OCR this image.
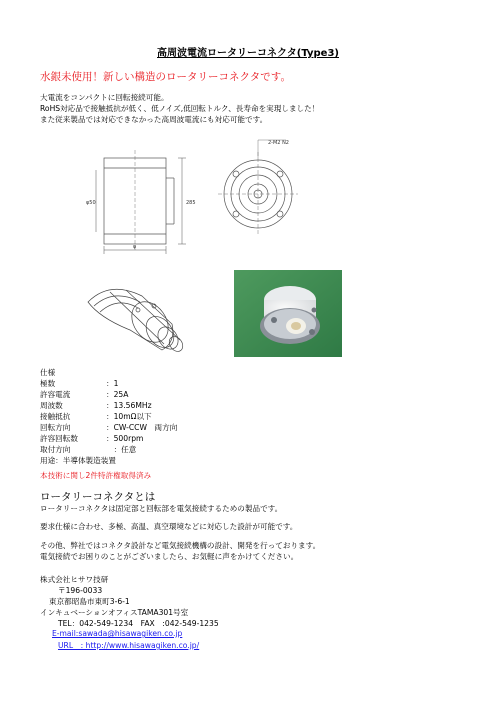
高周波電流ロータリーコネクタ(Type3)
水銀未使用！新しい構造のロータリーコネクタです。
大電流をコンパクトに回転接続可能。
RoHS対応品で接触抵抗が低く、低ノイズ,低回転トルク、長寿命を実現しました！
また従来製品では対応できなかった高周波電流にも対応可能です。
285
φ
φ50
2-M2 N2
仕様
極数	：1
許容電流	：25A
周波数	：13.56MHz
接触抵抗	：10mΩ以下
回転方向	：CW-CCW　両方向
許容回転数	：500rpm
取付方向	　：任意
用途：半導体製造装置
本技術に関し2件特許権取得済み
ロータリーコネクタとは
ロータリーコネクタは固定部と回転部を電気接続するための製品です。
要求仕様に合わせ、多極、高温、真空環境などに対応した設計が可能です。
その他、弊社ではコネクタ設計など電気接続機構の設計、開発を行っております。
電気接続でお困りのことがございましたら、お気軽に声をかけてください。
株式会社ヒサワ技研
〒196-0033
東京都昭島市東町3-6-1
インキュベーションオフィスTAMA301号室
TEL：042-549-1234　FAX　:042-549-1235
E-mail:sawada@hisawagiken.co.jp
URL　: http://www.hisawagiken.co.jp/
